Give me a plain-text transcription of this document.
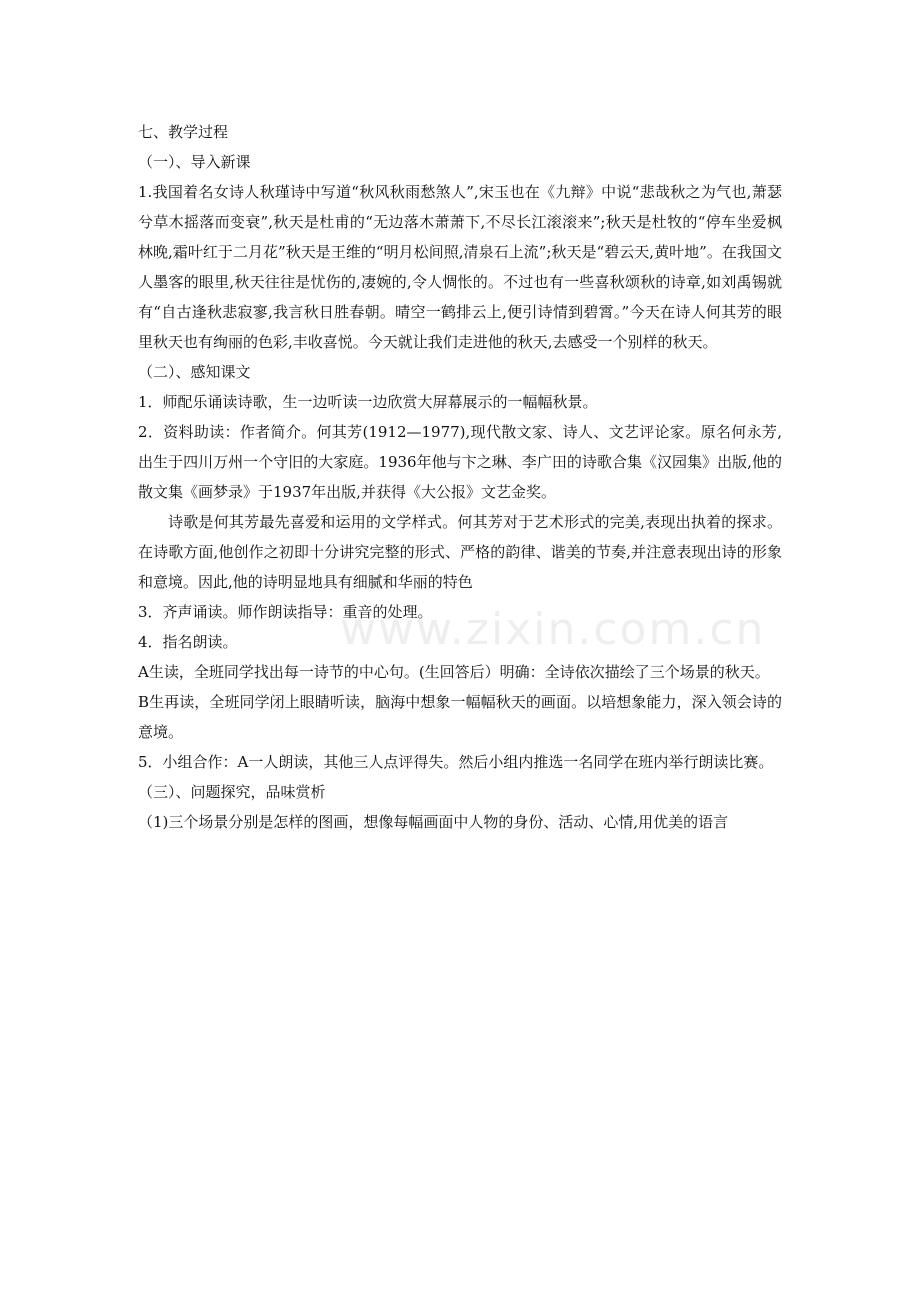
www.zixin.com.cn

七、教学过程

（一）、导入新课

1.我国着名女诗人秋瑾诗中写道“秋风秋雨愁煞人”,宋玉也在《九辩》中说“悲哉秋之为气也,萧瑟兮草木摇落而变衰”,秋天是杜甫的“无边落木萧萧下,不尽长江滚滚来”;秋天是杜牧的“停车坐爱枫林晚,霜叶红于二月花”秋天是王维的“明月松间照,清泉石上流”;秋天是“碧云天,黄叶地”。在我国文人墨客的眼里,秋天往往是忧伤的,凄婉的,令人惆怅的。不过也有一些喜秋颂秋的诗章,如刘禹锡就有“自古逢秋悲寂寥,我言秋日胜春朝。晴空一鹤排云上,便引诗情到碧霄。”今天在诗人何其芳的眼里秋天也有绚丽的色彩,丰收喜悦。今天就让我们走进他的秋天,去感受一个别样的秋天。

（二）、感知课文

1．师配乐诵读诗歌，生一边听读一边欣赏大屏幕展示的一幅幅秋景。

2．资料助读：作者简介。何其芳(1912—1977),现代散文家、诗人、文艺评论家。原名何永芳,出生于四川万州一个守旧的大家庭。1936年他与卞之琳、李广田的诗歌合集《汉园集》出版,他的散文集《画梦录》于1937年出版,并获得《大公报》文艺金奖。

诗歌是何其芳最先喜爱和运用的文学样式。何其芳对于艺术形式的完美,表现出执着的探求。在诗歌方面,他创作之初即十分讲究完整的形式、严格的韵律、谐美的节奏,并注意表现出诗的形象和意境。因此,他的诗明显地具有细腻和华丽的特色

3．齐声诵读。师作朗读指导：重音的处理。

4．指名朗读。

A生读，全班同学找出每一诗节的中心句。(生回答后）明确：全诗依次描绘了三个场景的秋天。

B生再读，全班同学闭上眼睛听读，脑海中想象一幅幅秋天的画面。以培想象能力，深入领会诗的意境。

5．小组合作：A一人朗读，其他三人点评得失。然后小组内推选一名同学在班内举行朗读比赛。

（三）、问题探究，品味赏析

（1)三个场景分别是怎样的图画，想像每幅画面中人物的身份、活动、心情,用优美的语言
